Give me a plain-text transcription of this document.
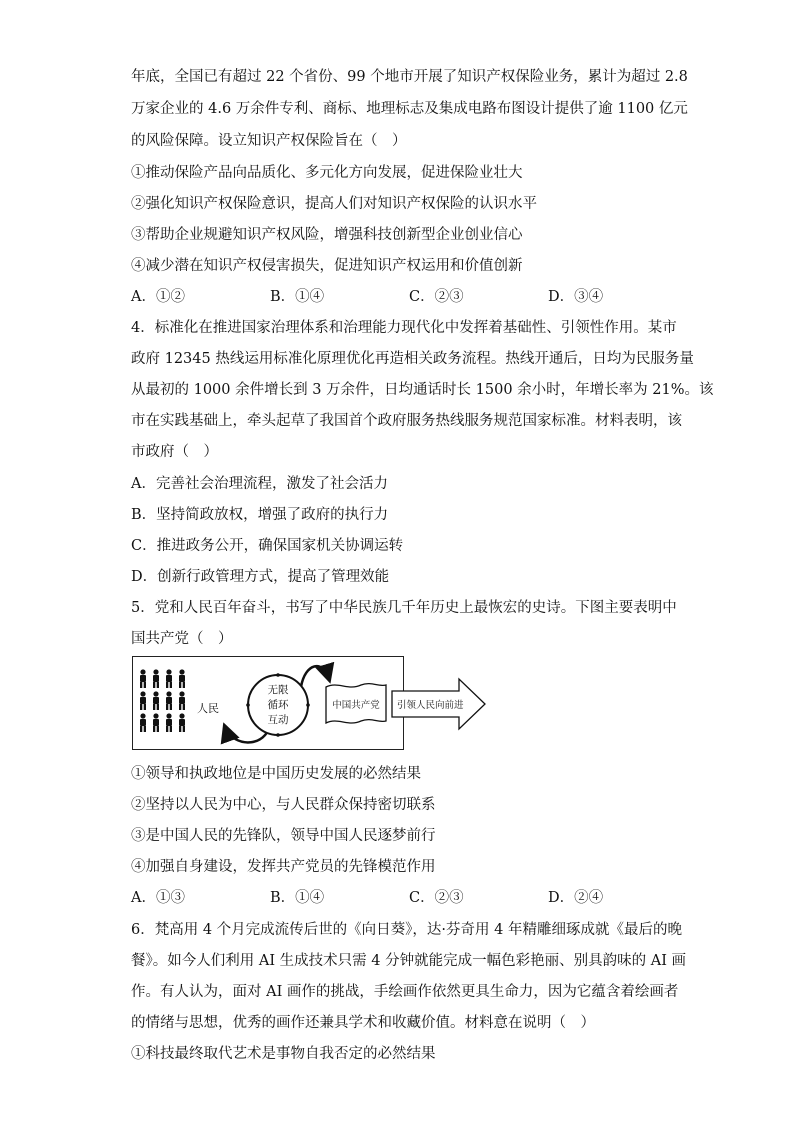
年底，全国已有超过 22 个省份、99 个地市开展了知识产权保险业务，累计为超过 2.8
万家企业的 4.6 万余件专利、商标、地理标志及集成电路布图设计提供了逾 1100 亿元
的风险保障。设立知识产权保险旨在（　）
①推动保险产品向品质化、多元化方向发展，促进保险业壮大
②强化知识产权保险意识，提高人们对知识产权保险的认识水平
③帮助企业规避知识产权风险，增强科技创新型企业创业信心
④减少潜在知识产权侵害损失，促进知识产权运用和价值创新
A．①②	B．①④	C．②③	D．③④
4．标准化在推进国家治理体系和治理能力现代化中发挥着基础性、引领性作用。某市
政府 12345 热线运用标准化原理优化再造相关政务流程。热线开通后，日均为民服务量
从最初的 1000 余件增长到 3 万余件，日均通话时长 1500 余小时，年增长率为 21%。该
市在实践基础上，牵头起草了我国首个政府服务热线服务规范国家标准。材料表明，该
市政府（　）
A．完善社会治理流程，激发了社会活力
B．坚持简政放权，增强了政府的执行力
C．推进政务公开，确保国家机关协调运转
D．创新行政管理方式，提高了管理效能
5．党和人民百年奋斗，书写了中华民族几千年历史上最恢宏的史诗。下图主要表明中
国共产党（　）
人民
无限
循环
互动
中国共产党 引领人民向前进
①领导和执政地位是中国历史发展的必然结果
②坚持以人民为中心，与人民群众保持密切联系
③是中国人民的先锋队，领导中国人民逐梦前行
④加强自身建设，发挥共产党员的先锋模范作用
A．①③	B．①④	C．②③	D．②④
6．梵高用 4 个月完成流传后世的《向日葵》，达·芬奇用 4 年精雕细琢成就《最后的晚
餐》。如今人们利用 AI 生成技术只需 4 分钟就能完成一幅色彩艳丽、别具韵味的 AI 画
作。有人认为，面对 AI 画作的挑战，手绘画作依然更具生命力，因为它蕴含着绘画者
的情绪与思想，优秀的画作还兼具学术和收藏价值。材料意在说明（　）
①科技最终取代艺术是事物自我否定的必然结果
